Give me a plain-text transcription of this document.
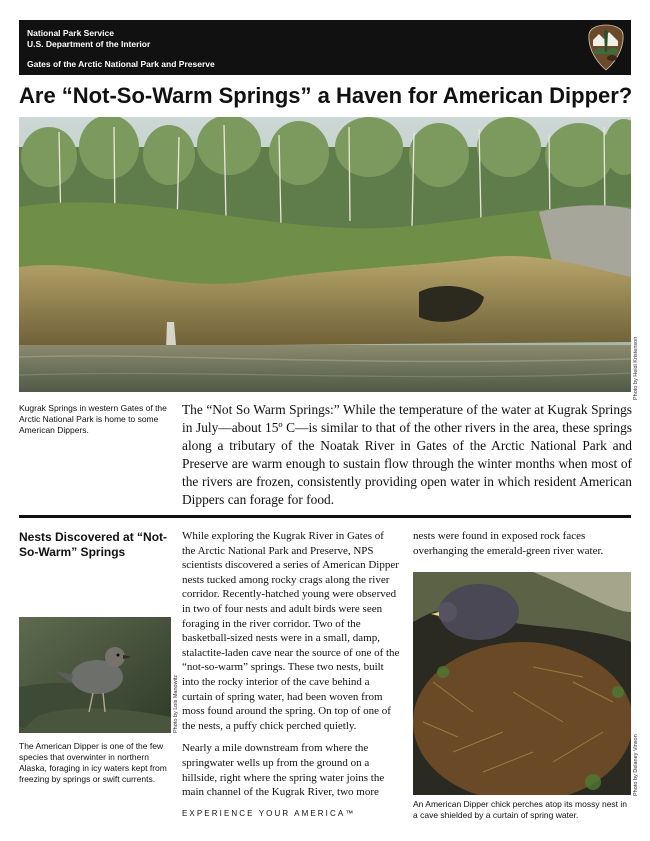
National Park Service
U.S. Department of the Interior
Gates of the Arctic National Park and Preserve
Are “Not-So-Warm Springs” a Haven for American Dipper?
Photo by Heidi Kristenson
Kugrak Springs in western Gates of the Arctic National Park is home to some American Dippers.
The “Not So Warm Springs:” While the temperature of the water at Kugrak Springs in July—about 15º C—is similar to that of the other rivers in the area, these springs along a tributary of the Noatak River in Gates of the Arctic National Park and Preserve are warm enough to sustain flow through the winter months when most of the rivers are frozen, consistently providing open water in which resident American Dippers can forage for food.
Nests Discovered at “Not-So-Warm” Springs
Photo by Lois Manowitz
The American Dipper is one of the few species that overwinter in northern Alaska, foraging in icy waters kept from freezing by springs or swift currents.

While exploring the Kugrak River in Gates of the Arctic National Park and Preserve, NPS scientists discovered a series of American Dipper nests tucked among rocky crags along the river corridor. Recently-hatched young were observed in two of four nests and adult birds were seen foraging in the river corridor. Two of the basketball-sized nests were in a small, damp, stalactite-laden cave near the source of one of the “not-so-warm” springs. These two nests, built into the rocky interior of the cave behind a curtain of spring water, had been woven from moss found around the spring. On top of one of the nests, a puffy chick perched quietly.

Nearly a mile downstream from where the springwater wells up from the ground on a hillside, right where the spring water joins the main channel of the Kugrak River, two more

nests were found in exposed rock faces overhanging the emerald-green river water.

Photo by Delaney Vinson
An American Dipper chick perches atop its mossy nest in a cave shielded by a curtain of spring water.
EXPERIENCE YOUR AMERICA™
